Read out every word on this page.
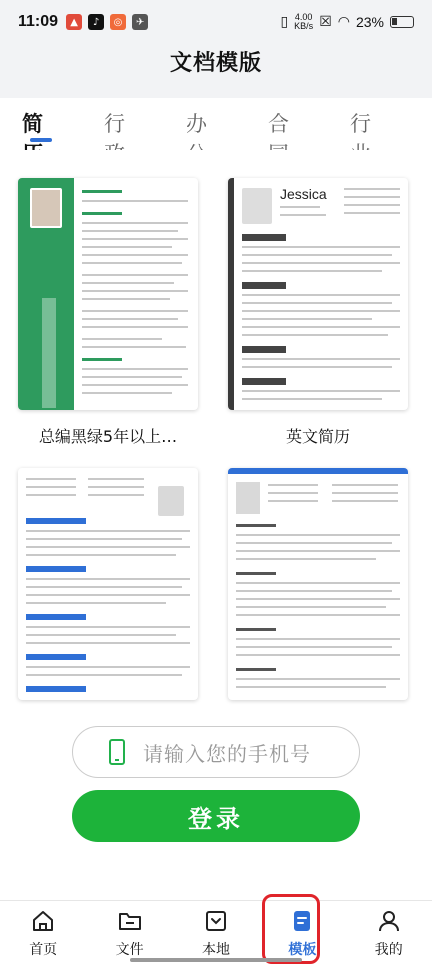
11:09	▲	♪	◎	✈	▯ 4.00
KB/s ☒ ◠ 23%
文档模版
简	行	办	合	行
总编黑绿5年以上…
Jessica
英文简历
请输入您的手机号
登录
首页	文件	本地	模板	我的
